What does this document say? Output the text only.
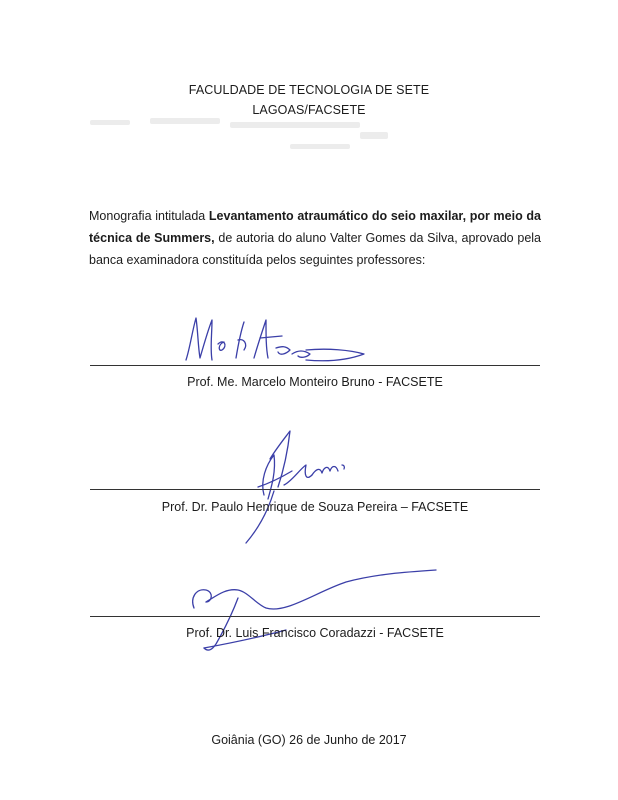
FACULDADE DE TECNOLOGIA DE SETE
LAGOAS/FACSETE
Monografia intitulada Levantamento atraumático do seio maxilar, por meio da técnica de Summers, de autoria do aluno Valter Gomes da Silva, aprovado pela banca examinadora constituída pelos seguintes professores:
Prof. Me. Marcelo Monteiro Bruno - FACSETE
Prof. Dr. Paulo Henrique de Souza Pereira – FACSETE
Prof. Dr. Luis Francisco Coradazzi - FACSETE
Goiânia (GO) 26 de Junho de 2017
